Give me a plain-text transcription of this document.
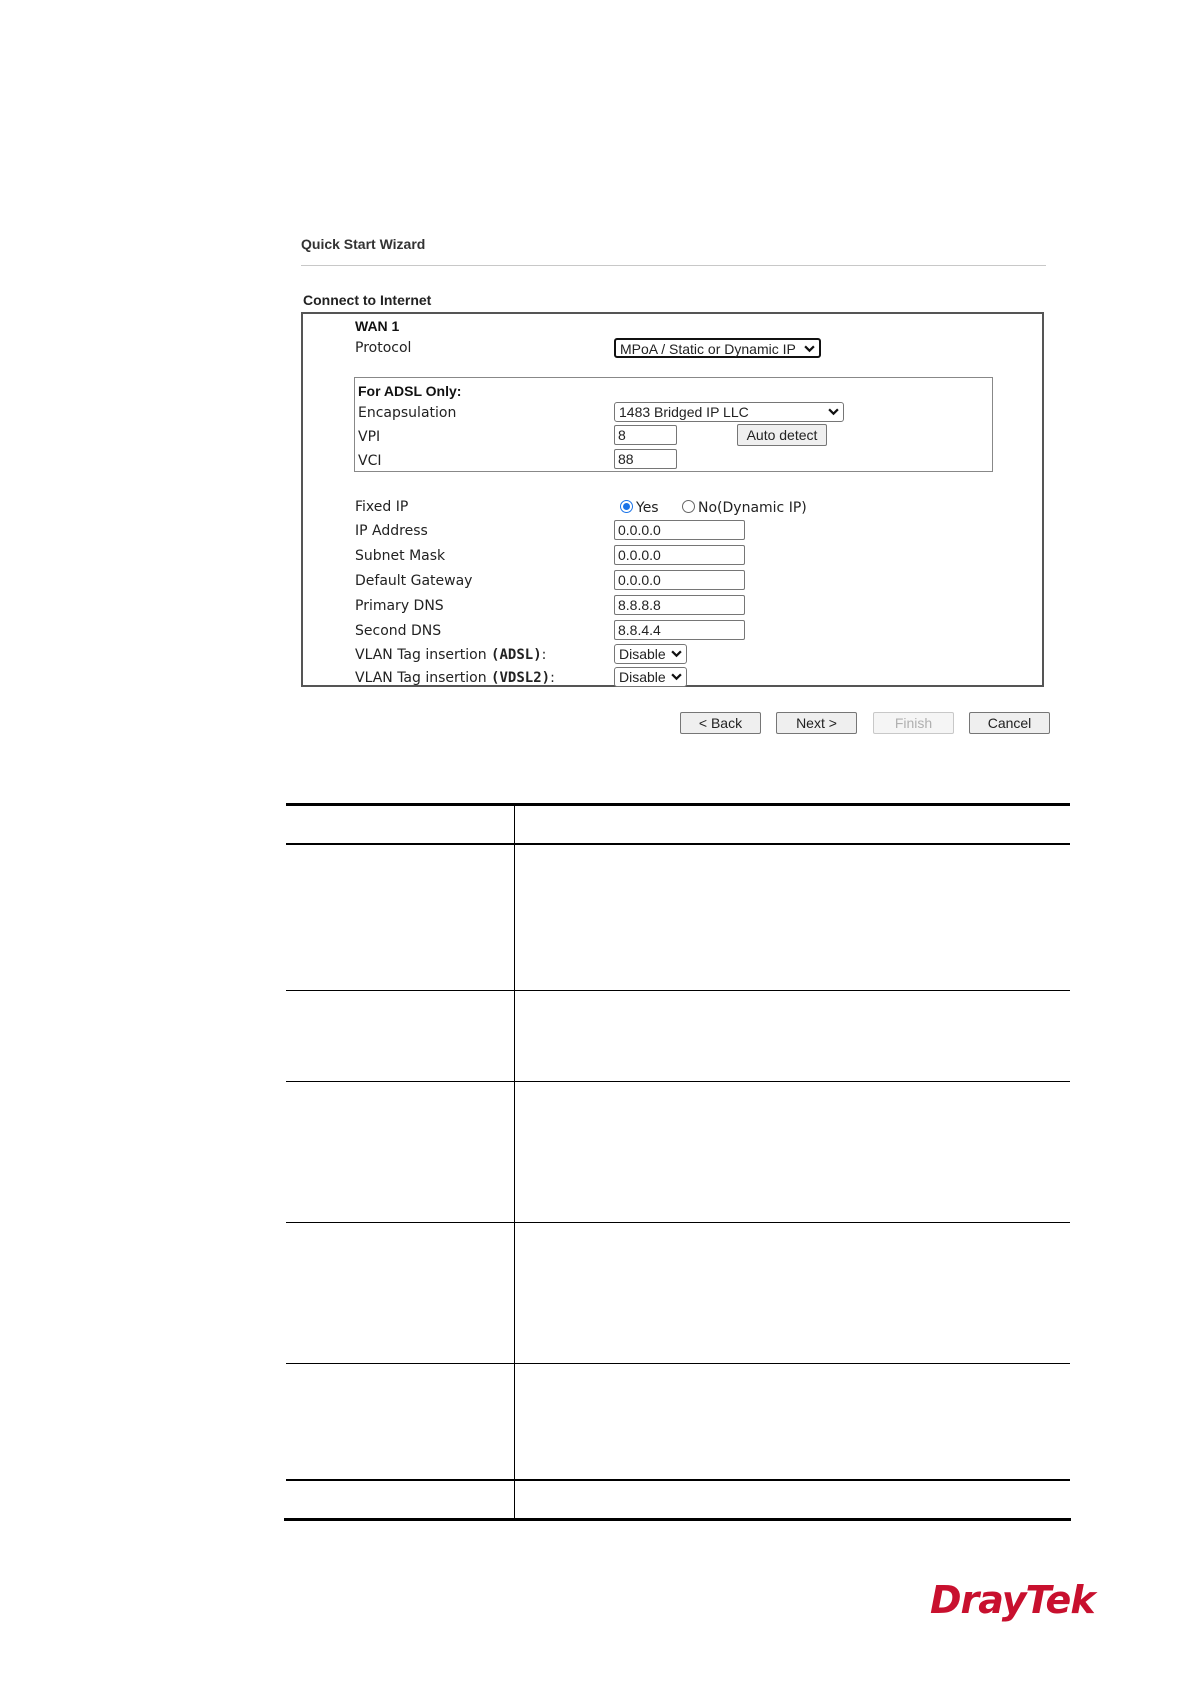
Quick Start Wizard
Connect to Internet
WAN 1
Protocol	MPoA / Static or Dynamic IP
For ADSL Only:
Encapsulation	1483 Bridged IP LLC
VPI	8	Auto detect
VCI	88
Fixed IP	Yes	No(Dynamic IP)
IP Address	0.0.0.0
Subnet Mask	0.0.0.0
Default Gateway	0.0.0.0
Primary DNS	8.8.8.8
Second DNS	8.8.4.4
VLAN Tag insertion (ADSL):	Disable
VLAN Tag insertion (VDSL2):	Disable
< Back	Next >	Finish	Cancel
DrayTek
